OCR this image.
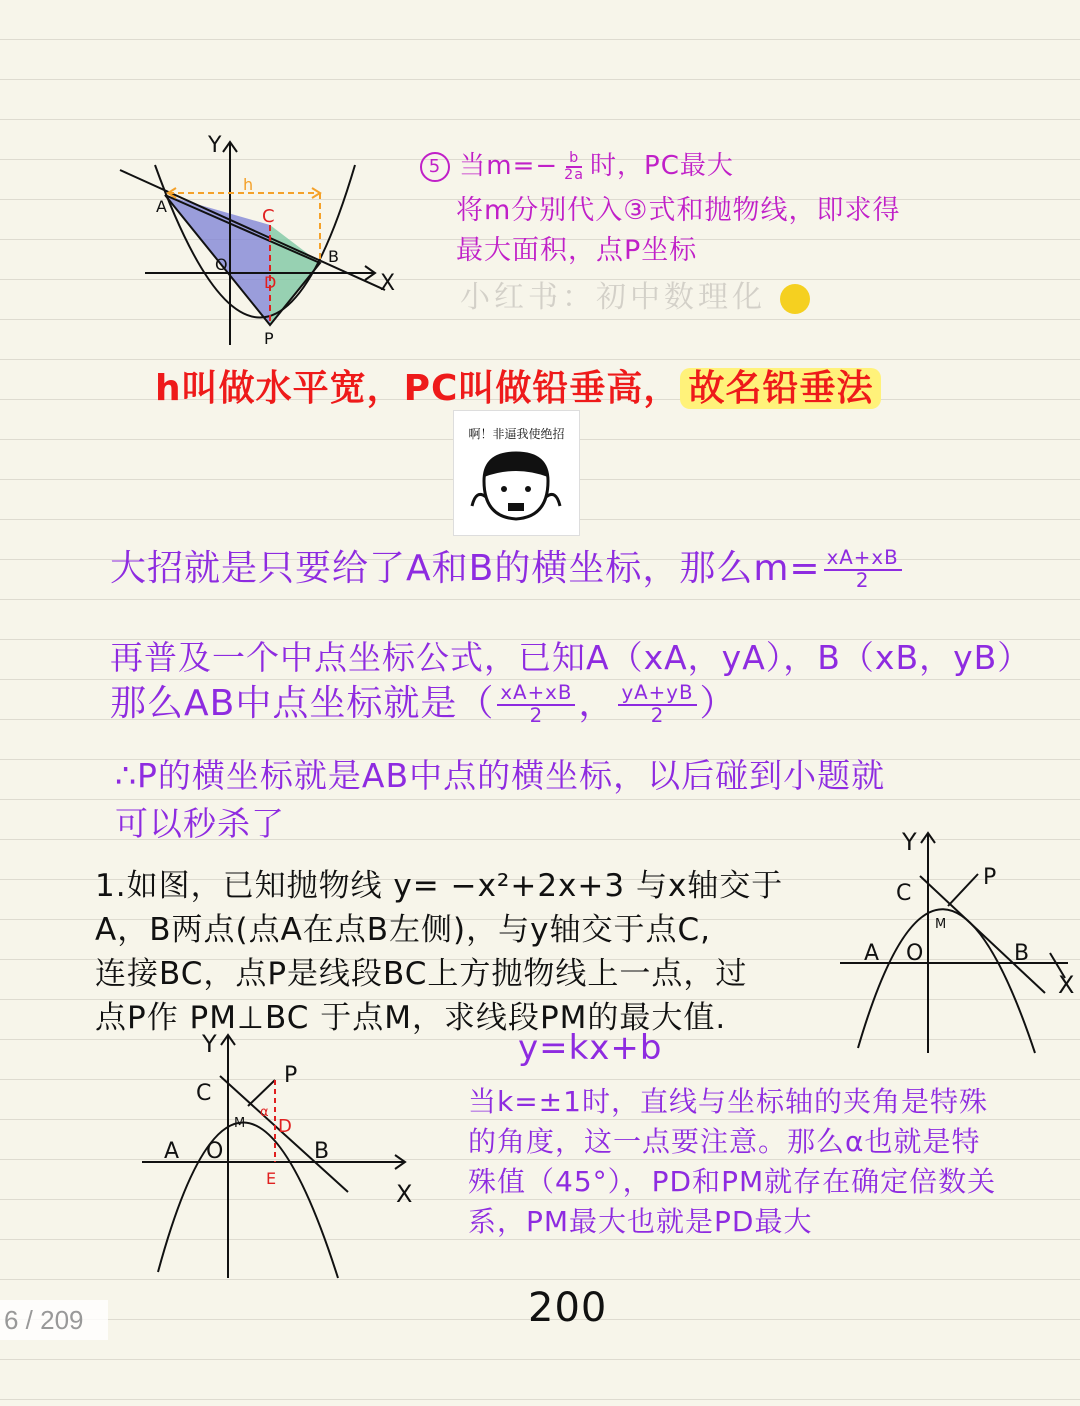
Y
X
A
B
C
D
O
P
h
5 当$m=- \frac{b}{2a}$ 时，PC最大
将m分别代入③式和抛物线，即求得
最大面积，点P坐标
小红书：初中数理化
h叫做水平宽，PC叫做铅垂高， 故名铅垂法
啊！非逼我使绝招
大招就是只要给了A和B的横坐标，那么$m= \frac{xA+xB}{2}$
再普及一个中点坐标公式，已知A（xA，yA），B（xB，yB）
那么AB中点坐标就是（ $\frac{xA+xB}{2}$ ， $\frac{yA+yB}{2}$ ）
∴P的横坐标就是AB中点的横坐标，以后碰到小题就
可以秒杀了
1.如图，已知抛物线 y= −x²+2x+3 与x轴交于
A，B两点(点A在点B左侧)，与y轴交于点C,
连接BC，点P是线段BC上方抛物线上一点，过
点P作 PM⊥BC 于点M，求线段PM的最大值.
Y
X
A	B
C
O
P
M
y=kx+b
Y
X
A	B
C
O
P
M D
E
α	当k=±1时，直线与坐标轴的夹角是特殊
的角度，这一点要注意。那么α也就是特
殊值（45°），PD和PM就存在确定倍数关
系，PM最大也就是PD最大
200
6 / 209
